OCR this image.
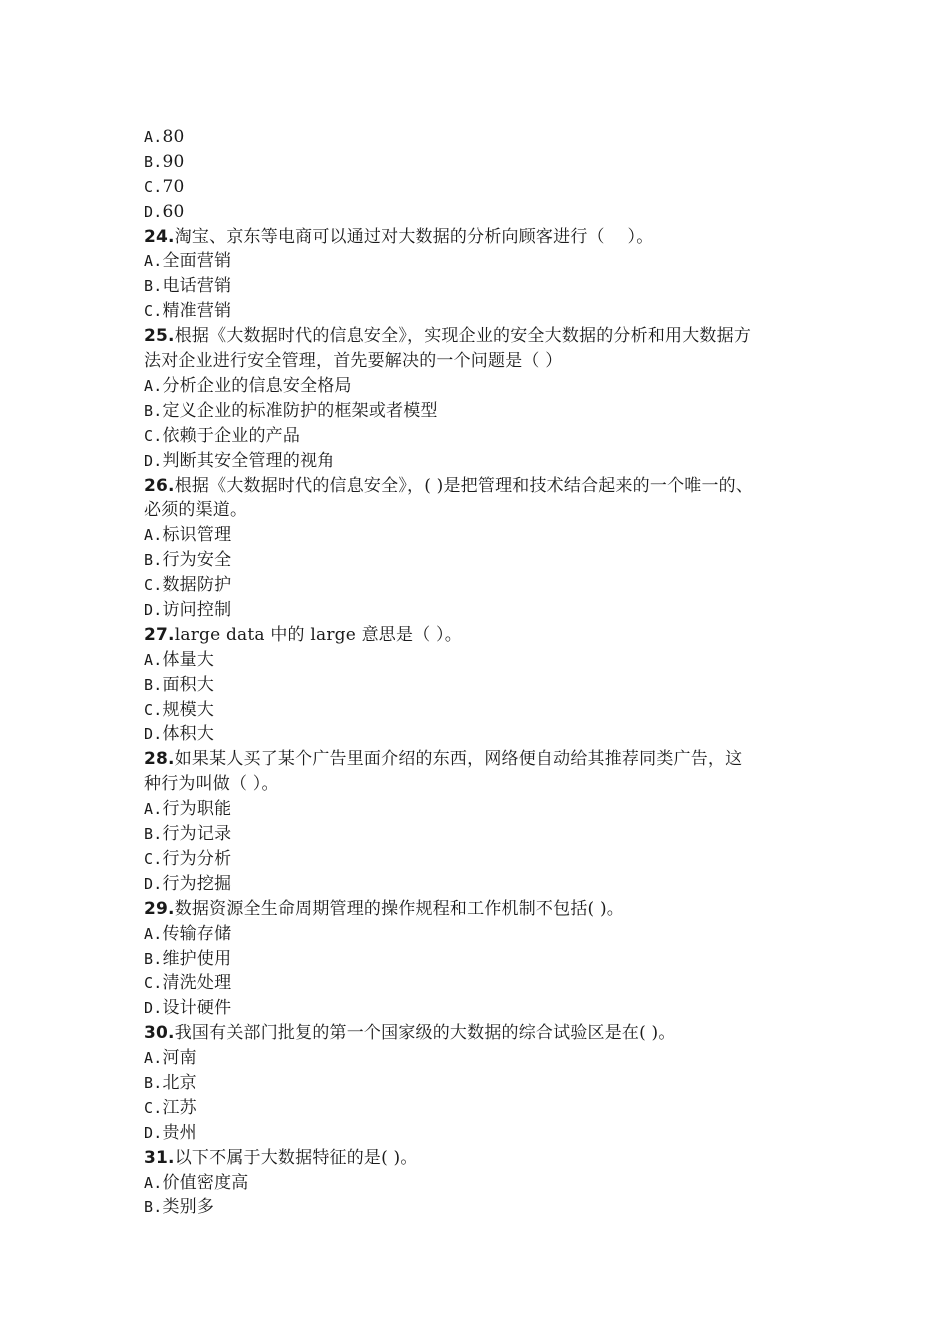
A.80
B.90
C.70
D.60
24.淘宝、京东等电商可以通过对大数据的分析向顾客进行（　 ）。
A.全面营销
B.电话营销
C.精准营销
25.根据《大数据时代的信息安全》，实现企业的安全大数据的分析和用大数据方
法对企业进行安全管理，首先要解决的一个问题是（ ）
A.分析企业的信息安全格局
B.定义企业的标准防护的框架或者模型
C.依赖于企业的产品
D.判断其安全管理的视角
26.根据《大数据时代的信息安全》，( )是把管理和技术结合起来的一个唯一的、
必须的渠道。
A.标识管理
B.行为安全
C.数据防护
D.访问控制
27.large data 中的 large 意思是（ ）。
A.体量大
B.面积大
C.规模大
D.体积大
28.如果某人买了某个广告里面介绍的东西，网络便自动给其推荐同类广告，这
种行为叫做（ ）。
A.行为职能
B.行为记录
C.行为分析
D.行为挖掘
29.数据资源全生命周期管理的操作规程和工作机制不包括( )。
A.传输存储
B.维护使用
C.清洗处理
D.设计硬件
30.我国有关部门批复的第一个国家级的大数据的综合试验区是在( )。
A.河南
B.北京
C.江苏
D.贵州
31.以下不属于大数据特征的是( )。
A.价值密度高
B.类别多
